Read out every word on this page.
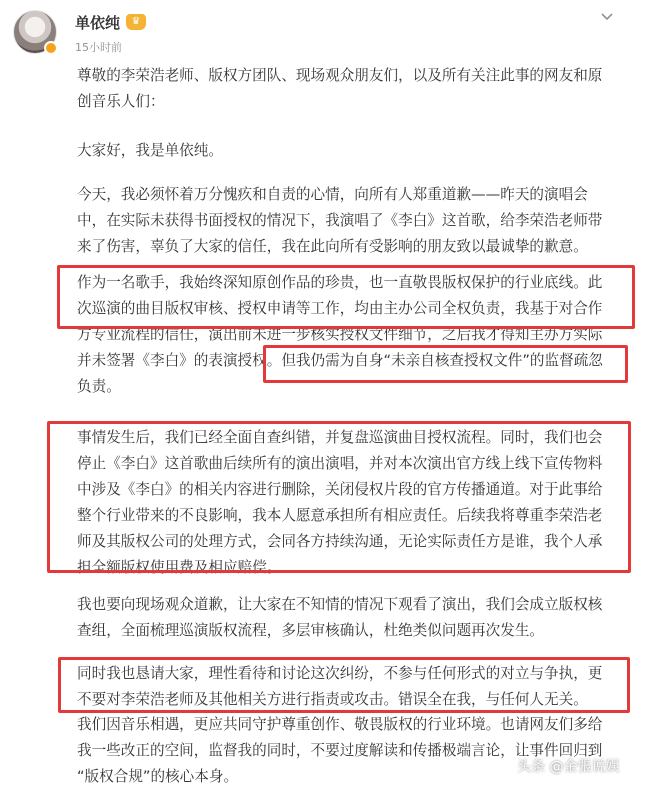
单依纯	♛
15小时前
尊敬的李荣浩老师、版权方团队、现场观众朋友们，以及所有关注此事的网友和原
创音乐人们：
大家好，我是单依纯。
今天，我必须怀着万分愧疚和自责的心情，向所有人郑重道歉——昨天的演唱会
中，在实际未获得书面授权的情况下，我演唱了《李白》这首歌，给李荣浩老师带
来了伤害，辜负了大家的信任，我在此向所有受影响的朋友致以最诚挚的歉意。
作为一名歌手，我始终深知原创作品的珍贵，也一直敬畏版权保护的行业底线。此
次巡演的曲目版权审核、授权申请等工作，均由主办公司全权负责，我基于对合作
方专业流程的信任，演出前未进一步核实授权文件细节，之后我才得知主办方实际
并未签署《李白》的表演授权。但我仍需为自身“未亲自核查授权文件”的监督疏忽
负责。
事情发生后，我们已经全面自查纠错，并复盘巡演曲目授权流程。同时，我们也会
停止《李白》这首歌曲后续所有的演出演唱，并对本次演出官方线上线下宣传物料
中涉及《李白》的相关内容进行删除，关闭侵权片段的官方传播通道。对于此事给
整个行业带来的不良影响，我本人愿意承担所有相应责任。后续我将尊重李荣浩老
师及其版权公司的处理方式，会同各方持续沟通，无论实际责任方是谁，我个人承
担全额版权使用费及相应赔偿。
我也要向现场观众道歉，让大家在不知情的情况下观看了演出，我们会成立版权核
查组，全面梳理巡演版权流程，多层审核确认，杜绝类似问题再次发生。
同时我也恳请大家，理性看待和讨论这次纠纷，不参与任何形式的对立与争执，更
不要对李荣浩老师及其他相关方进行指责或攻击。错误全在我，与任何人无关。
我们因音乐相遇，更应共同守护尊重创作、敬畏版权的行业环境。也请网友们多给
我一些改正的空间，监督我的同时，不要过度解读和传播极端言论，让事件回归到
“版权合规”的核心本身。
头条 @金張说娱
